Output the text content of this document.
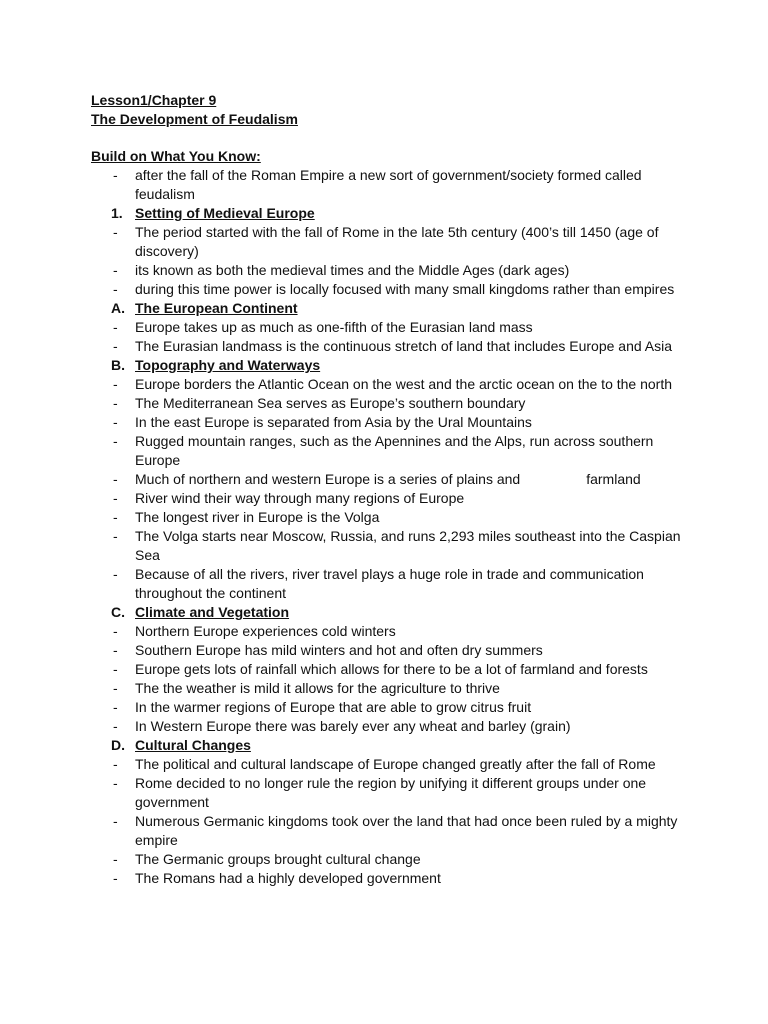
Lesson1/Chapter 9
The Development of Feudalism
Build on What You Know:
-	after the fall of the Roman Empire a new sort of government/society formed called feudalism
1. Setting of Medieval Europe
-	The period started with the fall of Rome in the late 5th century (400’s till 1450 (age of discovery)
-	its known as both the medieval times and the Middle Ages (dark ages)
-	during this time power is locally focused with many small kingdoms rather than empires
A. The European Continent
-	Europe takes up as much as one-fifth of the Eurasian land mass
-	The Eurasian landmass is the continuous stretch of land that includes Europe and Asia
B. Topography and Waterways
-	Europe borders the Atlantic Ocean on the west and the arctic ocean on the to the north
-	The Mediterranean Sea serves as Europe’s southern boundary
-	In the east Europe is separated from Asia by the Ural Mountains
-	Rugged mountain ranges, such as the Apennines and the Alps, run across southern Europe
-	Much of northern and western Europe is a series of plains and	farmland
-	River wind their way through many regions of Europe
-	The longest river in Europe is the Volga
-	The Volga starts near Moscow, Russia, and runs 2,293 miles southeast into the Caspian Sea
-	Because of all the rivers, river travel plays a huge role in trade and communication throughout the continent
C. Climate and Vegetation
-	Northern Europe experiences cold winters
-	Southern Europe has mild winters and hot and often dry summers
-	Europe gets lots of rainfall which allows for there to be a lot of farmland and forests
-	The the weather is mild it allows for the agriculture to thrive
-	In the warmer regions of Europe that are able to grow citrus fruit
-	In Western Europe there was barely ever any wheat and barley (grain)
D. Cultural Changes
-	The political and cultural landscape of Europe changed greatly after the fall of Rome
-	Rome decided to no longer rule the region by unifying it different groups under one government
-	Numerous Germanic kingdoms took over the land that had once been ruled by a mighty empire
-	The Germanic groups brought cultural change
-	The Romans had a highly developed government
